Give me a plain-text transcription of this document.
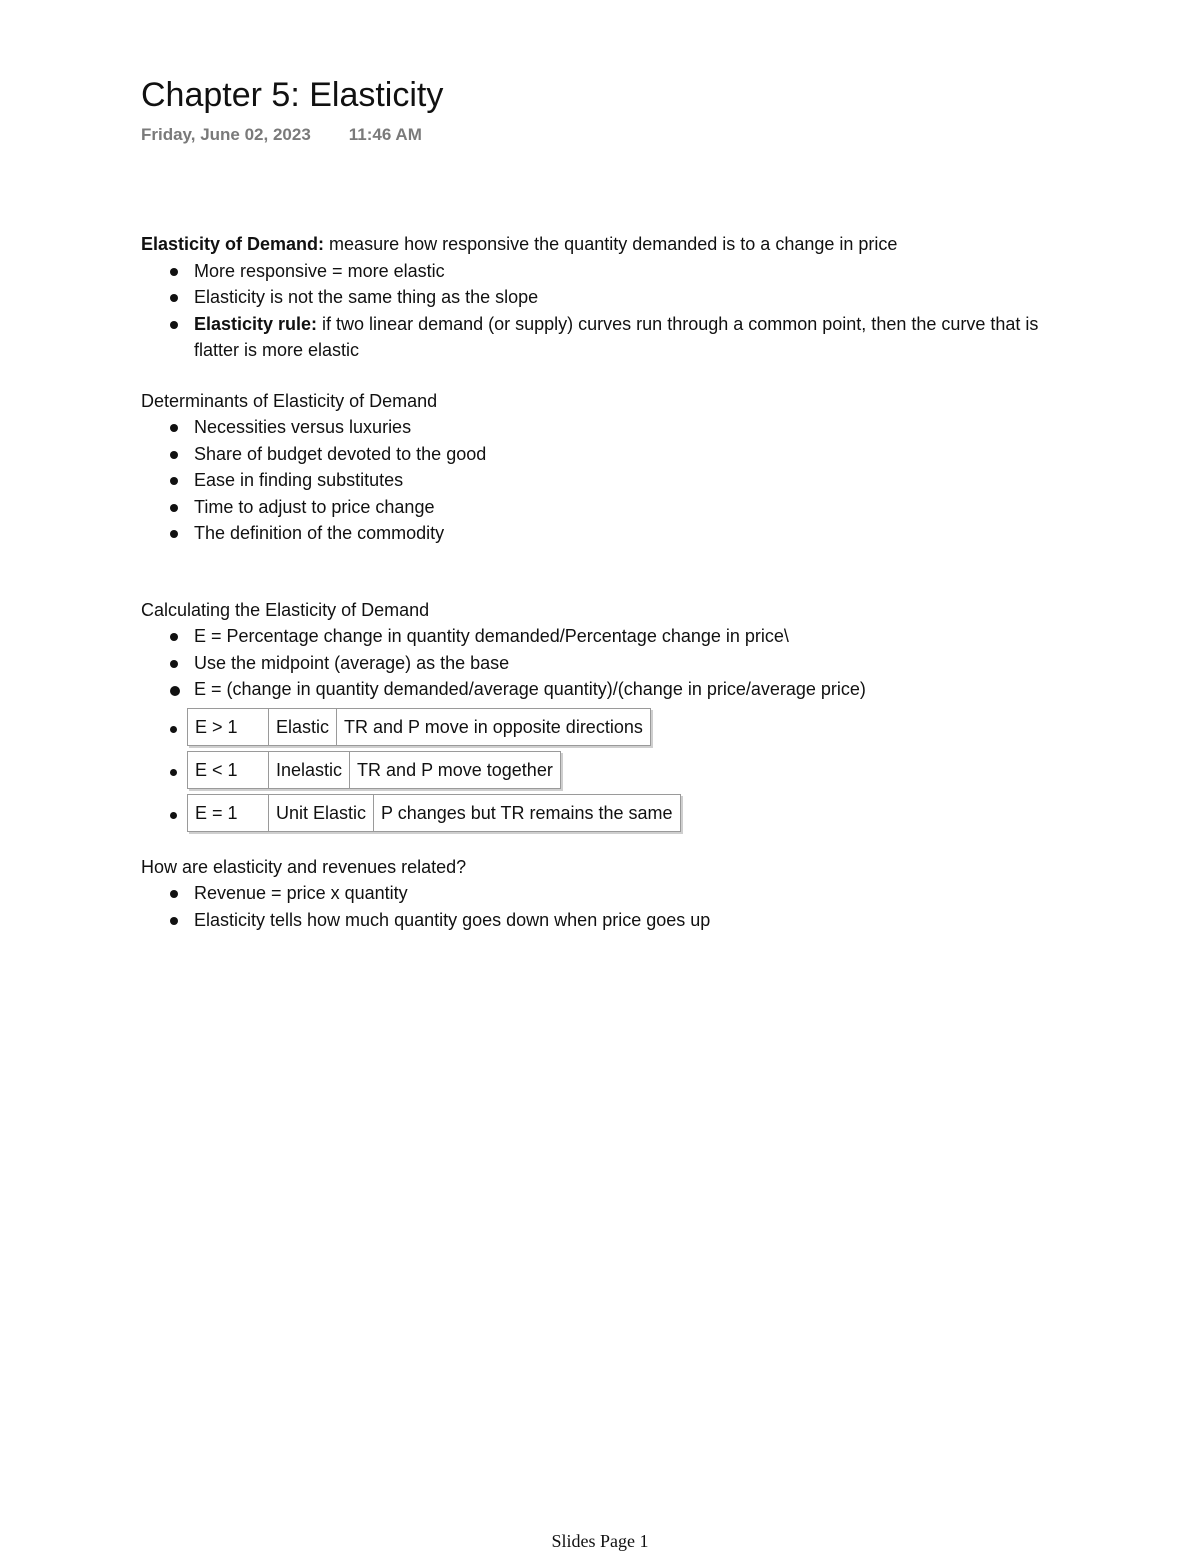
Chapter 5: Elasticity
Friday, June 02, 2023 11:46 AM

Elasticity of Demand: measure how responsive the quantity demanded is to a change in price

More responsive = more elastic
Elasticity is not the same thing as the slope
Elasticity rule: if two linear demand (or supply) curves run through a common point, then the curve that is flatter is more elastic

Determinants of Elasticity of Demand

Necessities versus luxuries
Share of budget devoted to the good
Ease in finding substitutes
Time to adjust to price change
The definition of the commodity

Calculating the Elasticity of Demand

E = Percentage change in quantity demanded/Percentage change in price\
Use the midpoint (average) as the base
E = (change in quantity demanded/average quantity)/(change in price/average price)
E > 1	Elastic	TR and P move in opposite directions
E < 1	Inelastic	TR and P move together
E = 1	Unit Elastic	P changes but TR remains the same

How are elasticity and revenues related?

Revenue = price x quantity
Elasticity tells how much quantity goes down when price goes up
Slides Page 1
